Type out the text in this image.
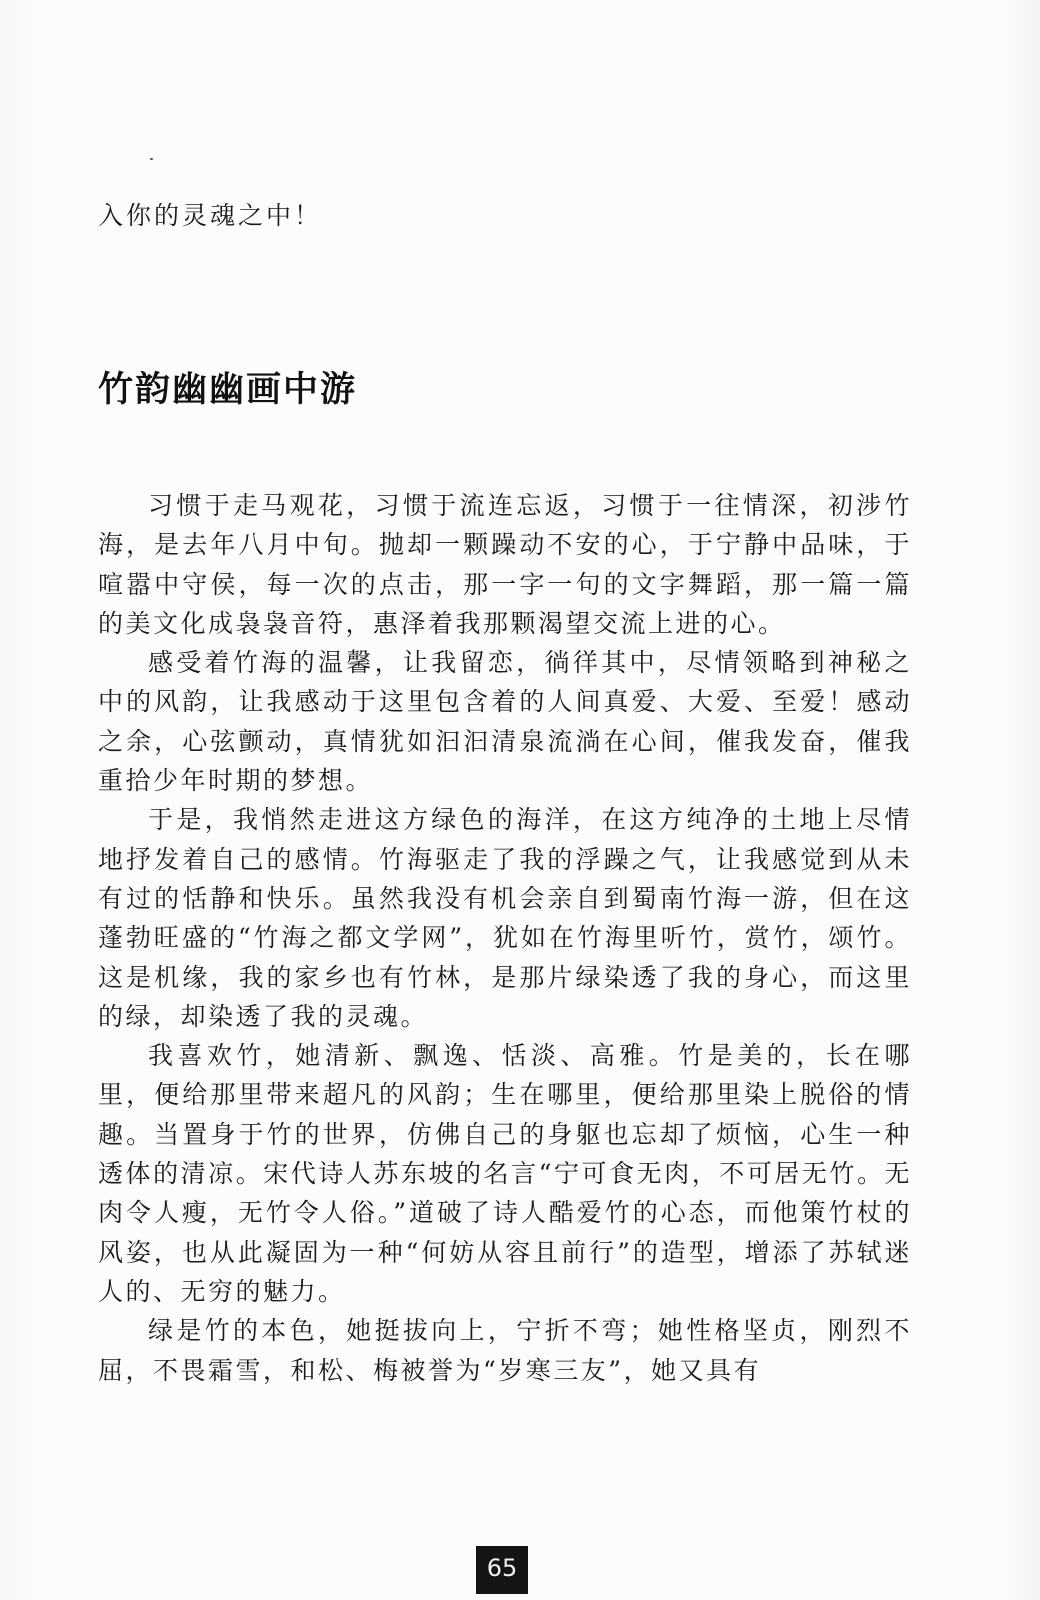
入你的灵魂之中！
竹韵幽幽画中游

习惯于走马观花，习惯于流连忘返，习惯于一往情深，初涉竹海，是去年八月中旬。抛却一颗躁动不安的心，于宁静中品味，于喧嚣中守侯，每一次的点击，那一字一句的文字舞蹈，那一篇一篇的美文化成袅袅音符，惠泽着我那颗渴望交流上进的心。

感受着竹海的温馨，让我留恋，徜徉其中，尽情领略到神秘之中的风韵，让我感动于这里包含着的人间真爱、大爱、至爱！感动之余，心弦颤动，真情犹如汩汩清泉流淌在心间，催我发奋，催我重拾少年时期的梦想。

于是，我悄然走进这方绿色的海洋，在这方纯净的土地上尽情地抒发着自己的感情。竹海驱走了我的浮躁之气，让我感觉到从未有过的恬静和快乐。虽然我没有机会亲自到蜀南竹海一游，但在这蓬勃旺盛的“竹海之都文学网”，犹如在竹海里听竹，赏竹，颂竹。这是机缘，我的家乡也有竹林，是那片绿染透了我的身心，而这里的绿，却染透了我的灵魂。

我喜欢竹，她清新、飘逸、恬淡、高雅。竹是美的，长在哪里，便给那里带来超凡的风韵；生在哪里，便给那里染上脱俗的情趣。当置身于竹的世界，仿佛自己的身躯也忘却了烦恼，心生一种透体的清凉。宋代诗人苏东坡的名言“宁可食无肉，不可居无竹。无肉令人瘦，无竹令人俗。”道破了诗人酷爱竹的心态，而他策竹杖的风姿，也从此凝固为一种“何妨从容且前行”的造型，增添了苏轼迷人的、无穷的魅力。

绿是竹的本色，她挺拔向上，宁折不弯；她性格坚贞，刚烈不屈，不畏霜雪，和松、梅被誉为“岁寒三友”，她又具有

65
